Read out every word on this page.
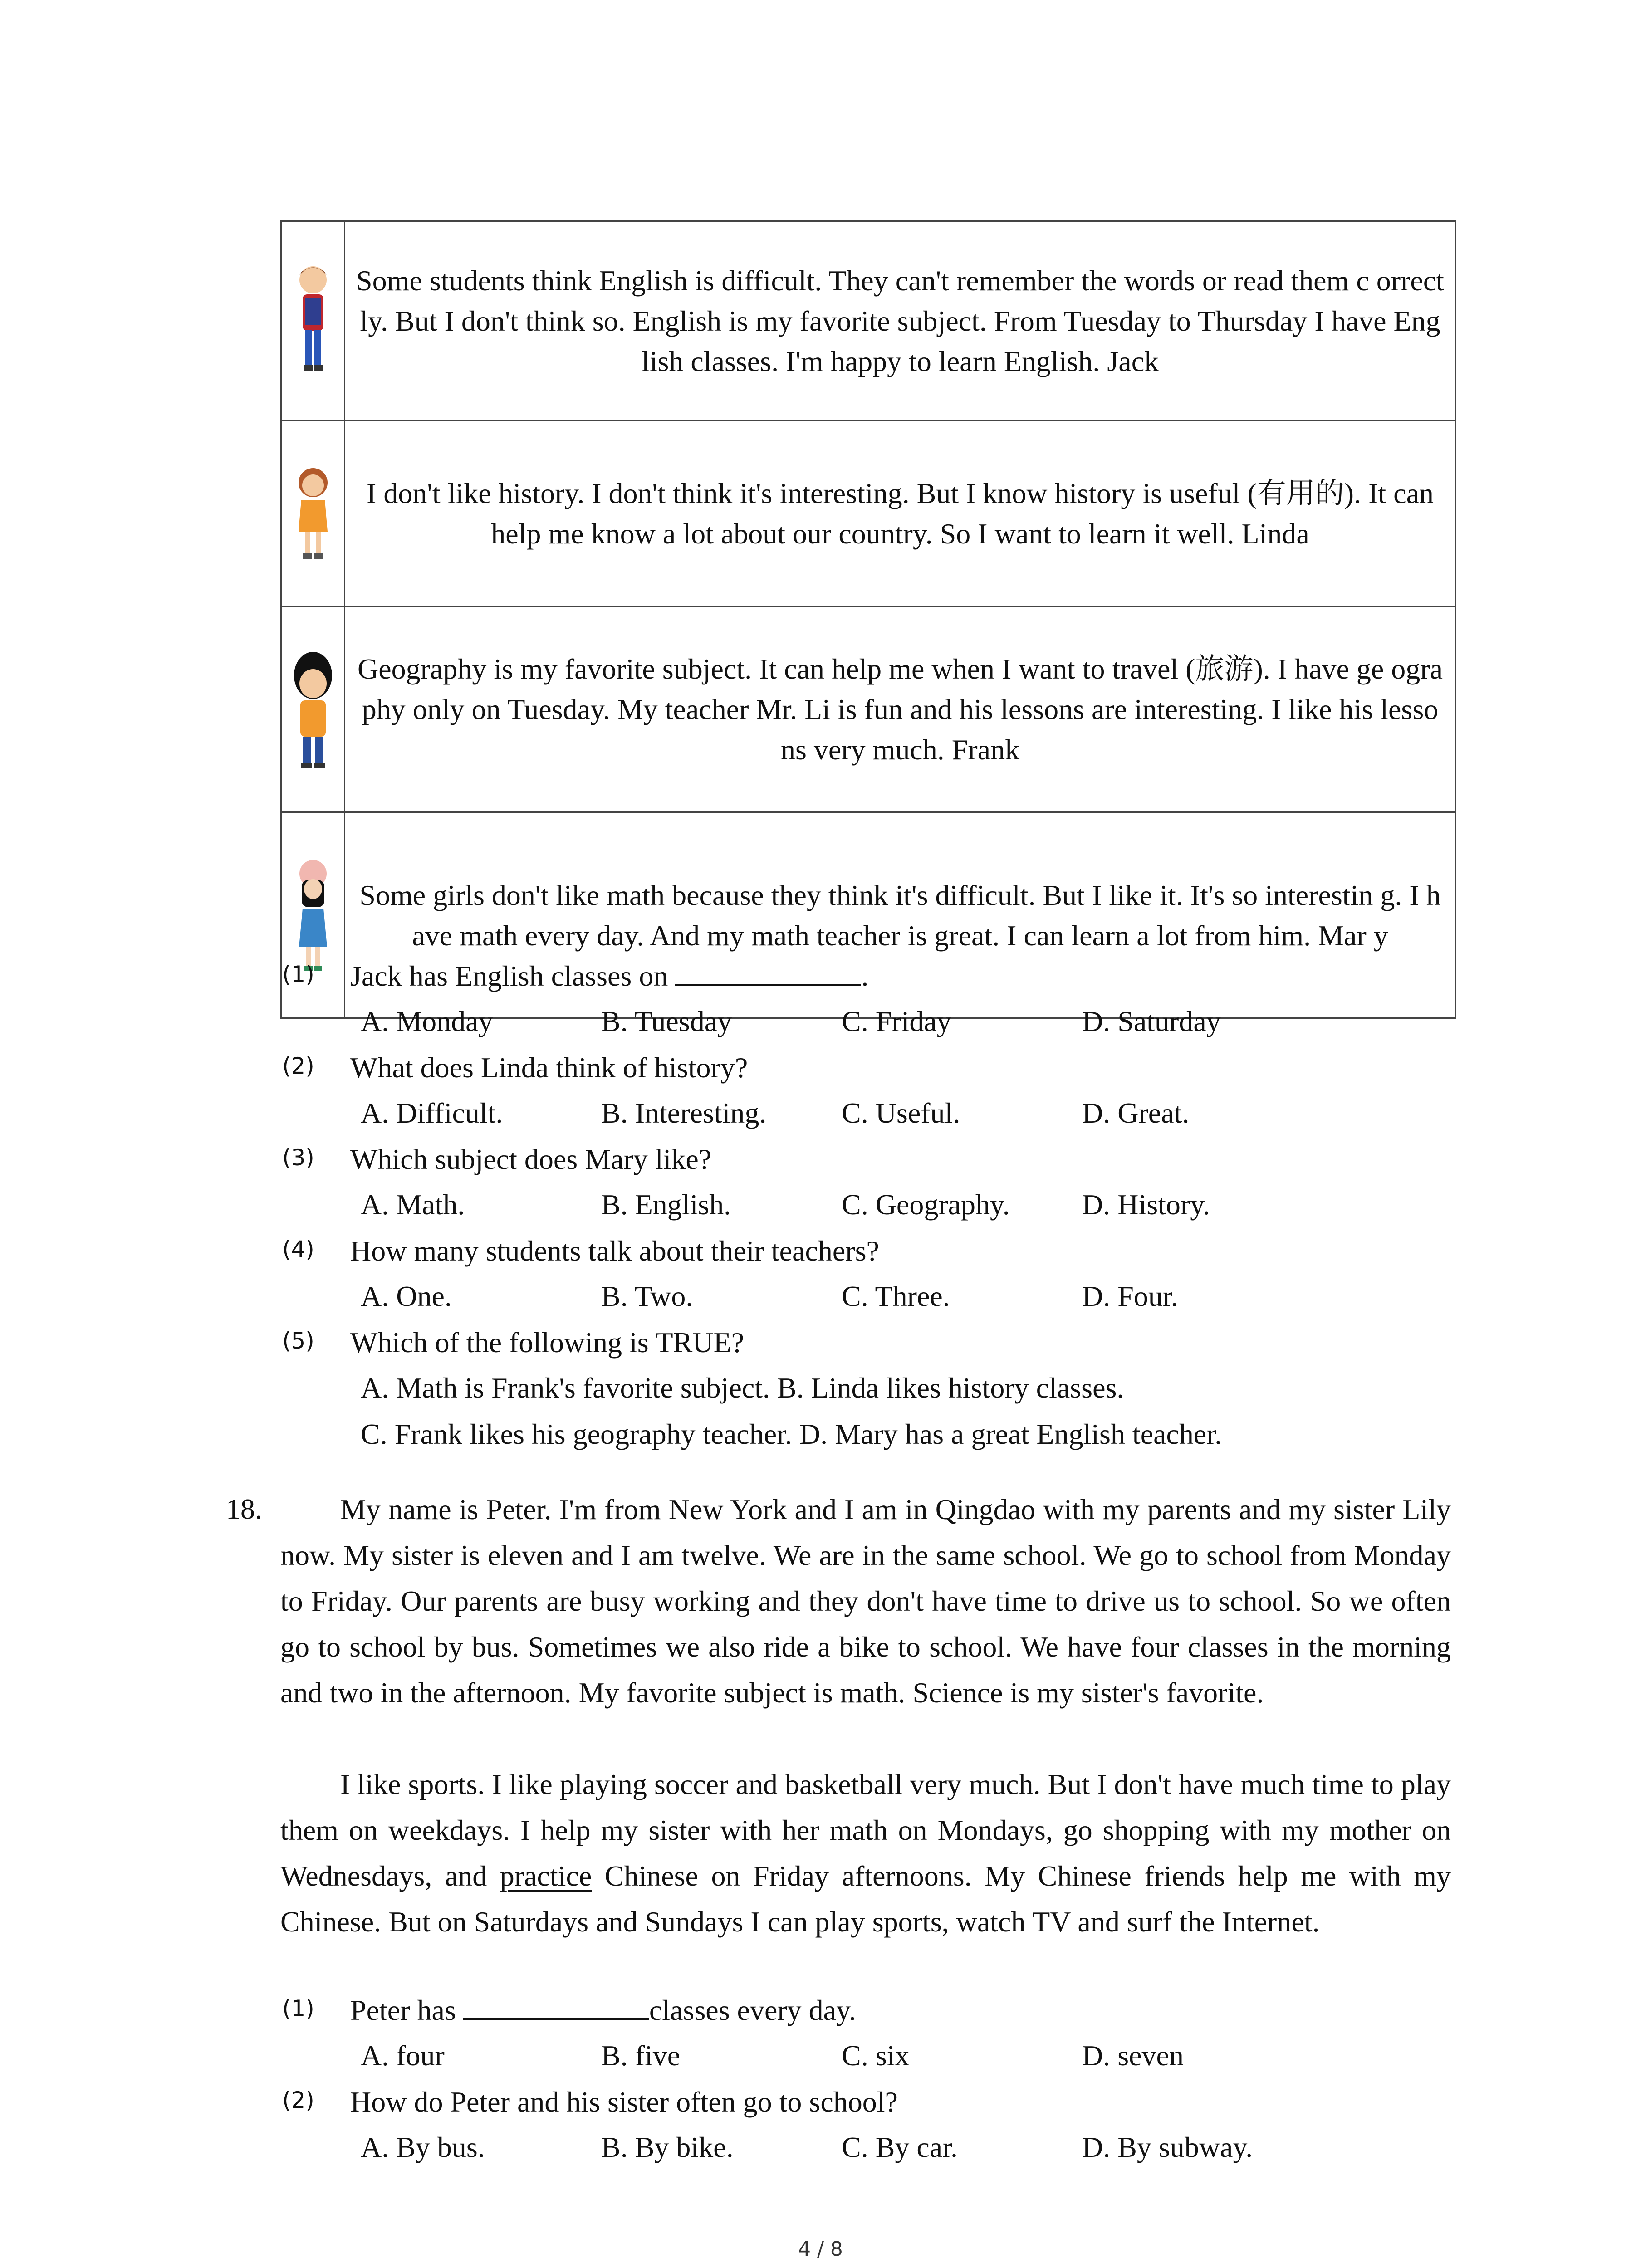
	Some students think English is difficult. They can't remember the words or read them c orrectly. But I don't think so. English is my favorite subject. From Tuesday to Thursday I have English classes. I'm happy to learn English. Jack

	I don't like history. I don't think it's interesting. But I know history is useful (有用的). It can help me know a lot about our country. So I want to learn it well. Linda

	Geography is my favorite subject. It can help me when I want to travel (旅游). I have ge ography only on Tuesday. My teacher Mr. Li is fun and his lessons are interesting. I like his lessons very much. Frank

	Some girls don't like math because they think it's difficult. But I like it. It's so interestin g. I have math every day. And my math teacher is great. I can learn a lot from him. Mar y
(1) Jack has English classes on	.
A. Monday	B. Tuesday	C. Friday	D. Saturday
(2) What does Linda think of history?
A. Difficult.	B. Interesting.	C. Useful.	D. Great.
(3) Which subject does Mary like?
A. Math.	B. English.	C. Geography. D. History.
(4) How many students talk about their teachers?
A. One.	B. Two.	C. Three.	D. Four.
(5) Which of the following is TRUE?
A. Math is Frank's favorite subject. B. Linda likes history classes.
C. Frank likes his geography teacher. D. Mary has a great English teacher.
18.	My name is Peter. I'm from New York and I am in Qingdao with my parents and my sister Lily now. My sister is eleven and I am twelve. We are in the same school. We go to school from Monday to Friday. Our parents are busy working and they don't have time to drive us to school. So we often go to school by bus. Sometimes we also ride a bike to school. We have four classes in the morning and two in the afternoon. My favorite subject is math. Science is my sister's favorite.
I like sports. I like playing soccer and basketball very much. But I don't have much time to play them on weekdays. I help my sister with her math on Mondays, go shopping with my mother on Wednesdays, and practice Chinese on Friday afternoons. My Chinese friends help me with my Chinese. But on Saturdays and Sundays I can play sports, watch TV and surf the Internet.
(1) Peter has	classes every day.
A. four	B. five	C. six	D. seven
(2) How do Peter and his sister often go to school?
A. By bus.	B. By bike.	C. By car.	D. By subway.
4 / 8
